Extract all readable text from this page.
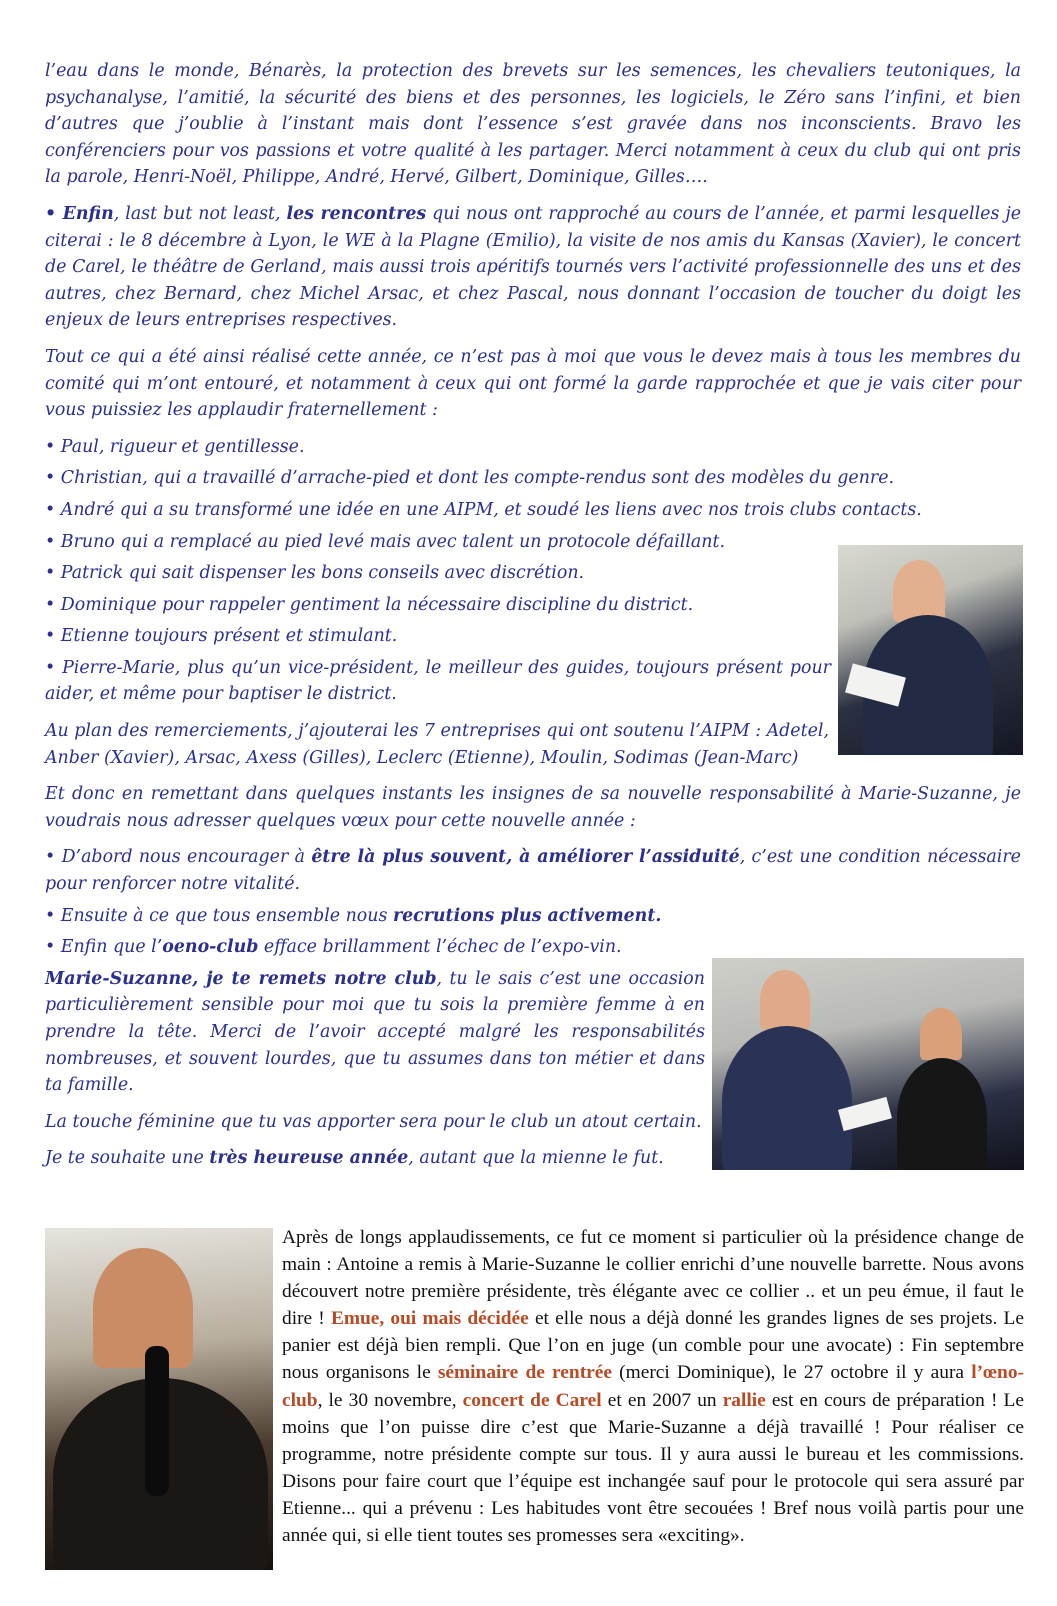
l’eau dans le monde, Bénarès, la protection des brevets sur les semences, les chevaliers teutoniques, la psychanalyse, l’amitié, la sécurité des biens et des personnes, les logiciels, le Zéro sans l’infini, et bien d’autres que j’oublie à l’instant mais dont l’essence s’est gravée dans nos inconscients. Bravo les conférenciers pour vos passions et votre qualité à les partager. Merci notamment à ceux du club qui ont pris la parole, Henri-Noël, Philippe, André, Hervé, Gilbert, Dominique, Gilles….

• Enfin, last but not least, les rencontres qui nous ont rapproché au cours de l’année, et parmi lesquelles je citerai : le 8 décembre à Lyon, le WE à la Plagne (Emilio), la visite de nos amis du Kansas (Xavier), le concert de Carel, le théâtre de Gerland, mais aussi trois apéritifs tournés vers l’activité professionnelle des uns et des autres, chez Bernard, chez Michel Arsac, et chez Pascal, nous donnant l’occasion de toucher du doigt les enjeux de leurs entreprises respectives.

Tout ce qui a été ainsi réalisé cette année, ce n’est pas à moi que vous le devez mais à tous les membres du comité qui m’ont entouré, et notamment à ceux qui ont formé la garde rapprochée et que je vais citer pour vous puissiez les applaudir fraternellement :

• Paul, rigueur et gentillesse.

• Christian, qui a travaillé d’arrache-pied et dont les compte-rendus sont des modèles du genre.

• André qui a su transformé une idée en une AIPM, et soudé les liens avec nos trois clubs contacts.

• Bruno qui a remplacé au pied levé mais avec talent un protocole défaillant.

• Patrick qui sait dispenser les bons conseils avec discrétion.

• Dominique pour rappeler gentiment la nécessaire discipline du district.

• Etienne toujours présent et stimulant.

• Pierre-Marie, plus qu’un vice-président, le meilleur des guides, toujours présent pour aider, et même pour baptiser le district.

Au plan des remerciements, j’ajouterai les 7 entreprises qui ont soutenu l’AIPM : Adetel, Anber (Xavier), Arsac, Axess (Gilles), Leclerc (Etienne), Moulin, Sodimas (Jean-Marc)

Et donc en remettant dans quelques instants les insignes de sa nouvelle responsabilité à Marie-Suzanne, je voudrais nous adresser quelques vœux pour cette nouvelle année :

• D’abord nous encourager à être là plus souvent, à améliorer l’assiduité, c’est une condition nécessaire pour renforcer notre vitalité.

• Ensuite à ce que tous ensemble nous recrutions plus activement.

• Enfin que l’oeno-club efface brillamment l’échec de l’expo-vin.

Marie-Suzanne, je te remets notre club, tu le sais c’est une occasion particulièrement sensible pour moi que tu sois la première femme à en prendre la tête. Merci de l’avoir accepté malgré les responsabilités nombreuses, et souvent lourdes, que tu assumes dans ton métier et dans ta famille.

La touche féminine que tu vas apporter sera pour le club un atout certain.

Je te souhaite une très heureuse année, autant que la mienne le fut.

Après de longs applaudissements, ce fut ce moment si particulier où la présidence change de main : Antoine a remis à Marie-Suzanne le collier enrichi d’une nouvelle barrette. Nous avons découvert notre première présidente, très élégante avec ce collier .. et un peu émue, il faut le dire ! Emue, oui mais décidée et elle nous a déjà donné les grandes lignes de ses projets. Le panier est déjà bien rempli. Que l’on en juge (un comble pour une avocate) : Fin septembre nous organisons le séminaire de rentrée (merci Dominique), le 27 octobre il y aura l’œno-club, le 30 novembre, concert de Carel et en 2007 un rallie est en cours de préparation ! Le moins que l’on puisse dire c’est que Marie-Suzanne a déjà travaillé ! Pour réaliser ce programme, notre présidente compte sur tous. Il y aura aussi le bureau et les commissions. Disons pour faire court que l’équipe est inchangée sauf pour le protocole qui sera assuré par Etienne... qui a prévenu : Les habitudes vont être secouées ! Bref nous voilà partis pour une année qui, si elle tient toutes ses promesses sera «exciting».
